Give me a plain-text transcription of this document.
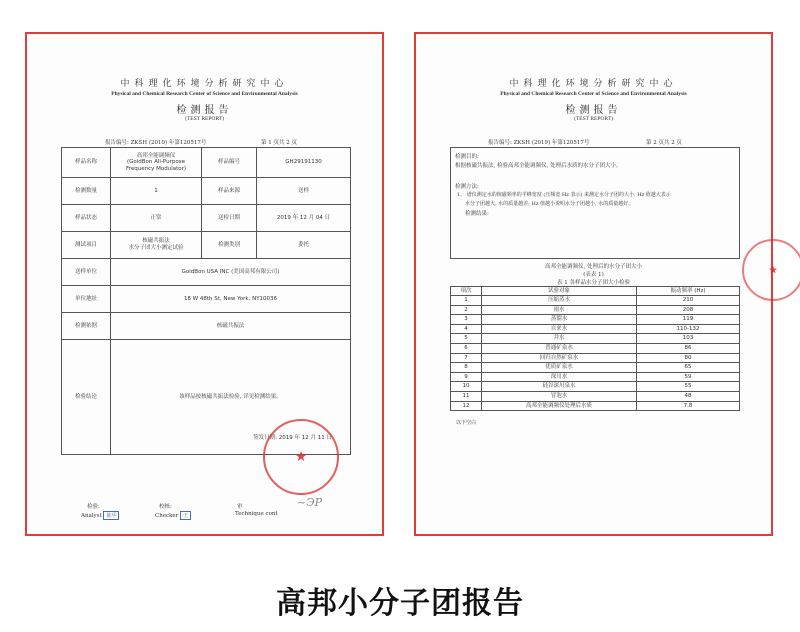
中科理化环境分析研究中心
Physical and Chemical Research Center of Science and Environmental Analysis
检测报告
(TEST REPORT)
报告编号: ZKSH (2019) 年第120517号	第 1 页共 2 页
样品名称	高邦全能调频仪
(GoldBon All-Purpose
Frequency Modulator)	样品编号	GH29191130
检测数量	1	样品来源	送样
样品状态	正常	送检日期	2019 年 12 月 04 日
测试项目	核磁共振法
水分子团大小测定试验	检测类别	委托
送样单位	GoldBon USA INC (美国高邦有限公司)		
单位地址	18 W 48th St, New York, NY10036		
检测依据	核磁共振法		
检验结论	该样品按核磁共振法检验, 详见检测结果。
签发日期: 2019 年 12 月 11 日		
检验:
Analyst 陈华
校核:
Checker 王
审
Technique cont
~ЭP
★
中科理化环境分析研究中心
Physical and Chemical Research Center of Science and Environmental Analysis
检测报告
(TEST REPORT)
报告编号: ZKSH (2019) 年第120517号	第 2 页共 2 页
检测目的:
根据核磁共振法, 检验高邦全能调频仪, 处理后水质的水分子团大小。
检测方法:
1、 谱仪测定水的核磁频率的半峰宽度 (压频宽 Hz 表示) 来测定水分子团的大小, Hz 值越大表示
水分子团越大, 水的质量越差; Hz 值越小说明水分子团越小, 水的质量越好。
检测结果:
高邦全能调频仪, 处理后的水分子团大小
(表表 1)
表 1 各样品水分子团大小检验
项次	试验对象	振动频率 (Hz)
1	压缩蒸水	210
2	雨水	208
3	蒸馏水	119
4	自来水	110-132
5	井水	103
6	普通矿泉水	86
7	回归自然矿泉水	80
8	优质矿泉水	65
9	深川水	59
10	硅谷深川泉水	55
11	冒泡水	48
12	高邦全能调频仪处理后水质	7.8
以下空白
★
高邦小分子团报告
